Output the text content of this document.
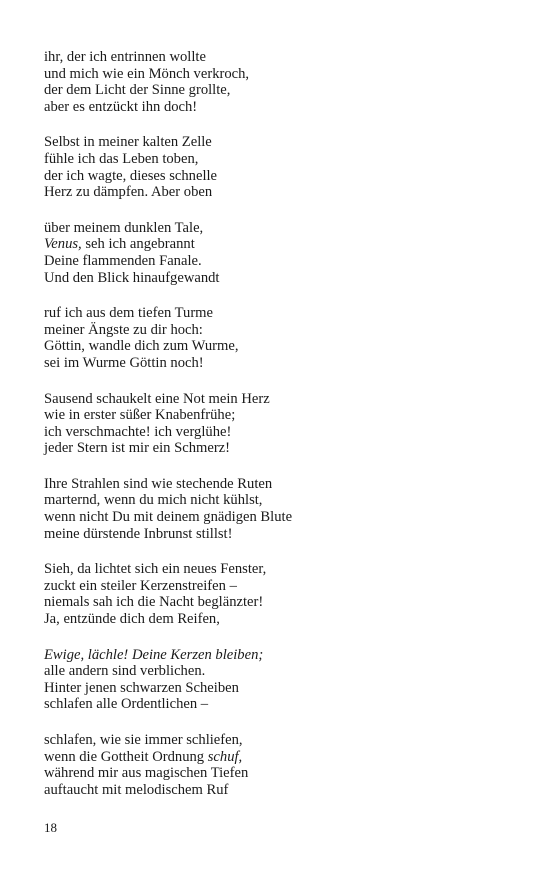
ihr, der ich entrinnen wollte
und mich wie ein Mönch verkroch,
der dem Licht der Sinne grollte,
aber es entzückt ihn doch!
Selbst in meiner kalten Zelle
fühle ich das Leben toben,
der ich wagte, dieses schnelle
Herz zu dämpfen. Aber oben
über meinem dunklen Tale,
Venus, seh ich angebrannt
Deine flammenden Fanale.
Und den Blick hinaufgewandt
ruf ich aus dem tiefen Turme
meiner Ängste zu dir hoch:
Göttin, wandle dich zum Wurme,
sei im Wurme Göttin noch!
Sausend schaukelt eine Not mein Herz
wie in erster süßer Knabenfrühe;
ich verschmachte! ich verglühe!
jeder Stern ist mir ein Schmerz!
Ihre Strahlen sind wie stechende Ruten
marternd, wenn du mich nicht kühlst,
wenn nicht Du mit deinem gnädigen Blute
meine dürstende Inbrunst stillst!
Sieh, da lichtet sich ein neues Fenster,
zuckt ein steiler Kerzenstreifen –
niemals sah ich die Nacht beglänzter!
Ja, entzünde dich dem Reifen,
Ewige, lächle! Deine Kerzen bleiben;
alle andern sind verblichen.
Hinter jenen schwarzen Scheiben
schlafen alle Ordentlichen –
schlafen, wie sie immer schliefen,
wenn die Gottheit Ordnung schuf,
während mir aus magischen Tiefen
auftaucht mit melodischem Ruf
18
